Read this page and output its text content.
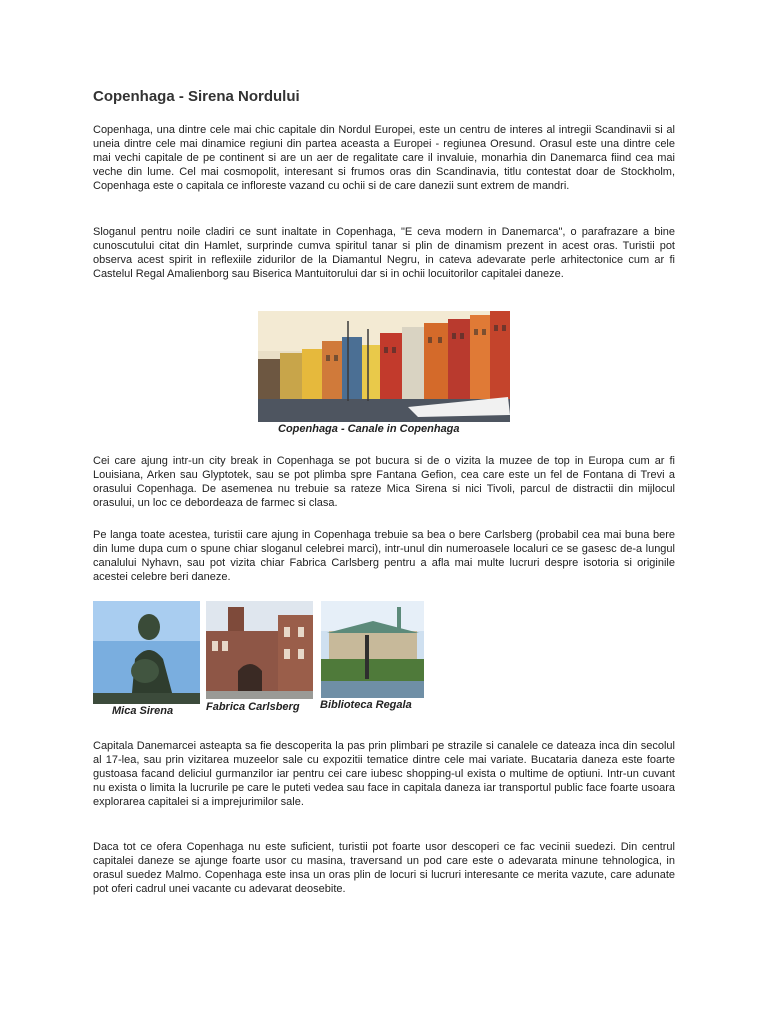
Copenhaga - Sirena Nordului

Copenhaga, una dintre cele mai chic capitale din Nordul Europei, este un centru de interes al intregii Scandinavii si al uneia dintre cele mai dinamice regiuni din partea aceasta a Europei - regiunea Oresund. Orasul este una dintre cele mai vechi capitale de pe continent si are un aer de regalitate care il invaluie, monarhia din Danemarca fiind cea mai veche din lume. Cel mai cosmopolit, interesant si frumos oras din Scandinavia, titlu contestat doar de Stockholm, Copenhaga este o capitala ce infloreste vazand cu ochii si de care danezii sunt extrem de mandri.

Sloganul pentru noile cladiri ce sunt inaltate in Copenhaga, "E ceva modern in Danemarca", o parafrazare a bine cunoscutului citat din Hamlet, surprinde cumva spiritul tanar si plin de dinamism prezent in acest oras. Turistii pot observa acest spirit in reflexiile zidurilor de la Diamantul Negru, in cateva adevarate perle arhitectonice cum ar fi Castelul Regal Amalienborg sau Biserica Mantuitorului dar si in ochii locuitorilor capitalei daneze.

Copenhaga - Canale in Copenhaga

Cei care ajung intr-un city break in Copenhaga se pot bucura si de o vizita la muzee de top in Europa cum ar fi Louisiana, Arken sau Glyptotek, sau se pot plimba spre Fantana Gefion, cea care este un fel de Fontana di Trevi a orasului Copenhaga. De asemenea nu trebuie sa rateze Mica Sirena si nici Tivoli, parcul de distractii din mijlocul orasului, un loc ce debordeaza de farmec si clasa.

Pe langa toate acestea, turistii care ajung in Copenhaga trebuie sa bea o bere Carlsberg (probabil cea mai buna bere din lume dupa cum o spune chiar sloganul celebrei marci), intr-unul din numeroasele localuri ce se gasesc de-a lungul canalului Nyhavn, sau pot vizita chiar Fabrica Carlsberg pentru a afla mai multe lucruri despre isotoria si originile acestei celebre beri daneze.

Fabrica Carlsberg Biblioteca Regala
Mica Sirena

Capitala Danemarcei asteapta sa fie descoperita la pas prin plimbari pe strazile si canalele ce dateaza inca din secolul al 17-lea, sau prin vizitarea muzeelor sale cu expozitii tematice dintre cele mai variate. Bucataria daneza este foarte gustoasa facand deliciul gurmanzilor iar pentru cei care iubesc shopping-ul exista o multime de optiuni. Intr-un cuvant nu exista o limita la lucrurile pe care le puteti vedea sau face in capitala daneza iar transportul public face foarte usoara explorarea capitalei si a imprejurimilor sale.

Daca tot ce ofera Copenhaga nu este suficient, turistii pot foarte usor descoperi ce fac vecinii suedezi. Din centrul capitalei daneze se ajunge foarte usor cu masina, traversand un pod care este o adevarata minune tehnologica, in orasul suedez Malmo. Copenhaga este insa un oras plin de locuri si lucruri interesante ce merita vazute, care adunate pot oferi cadrul unei vacante cu adevarat deosebite.
